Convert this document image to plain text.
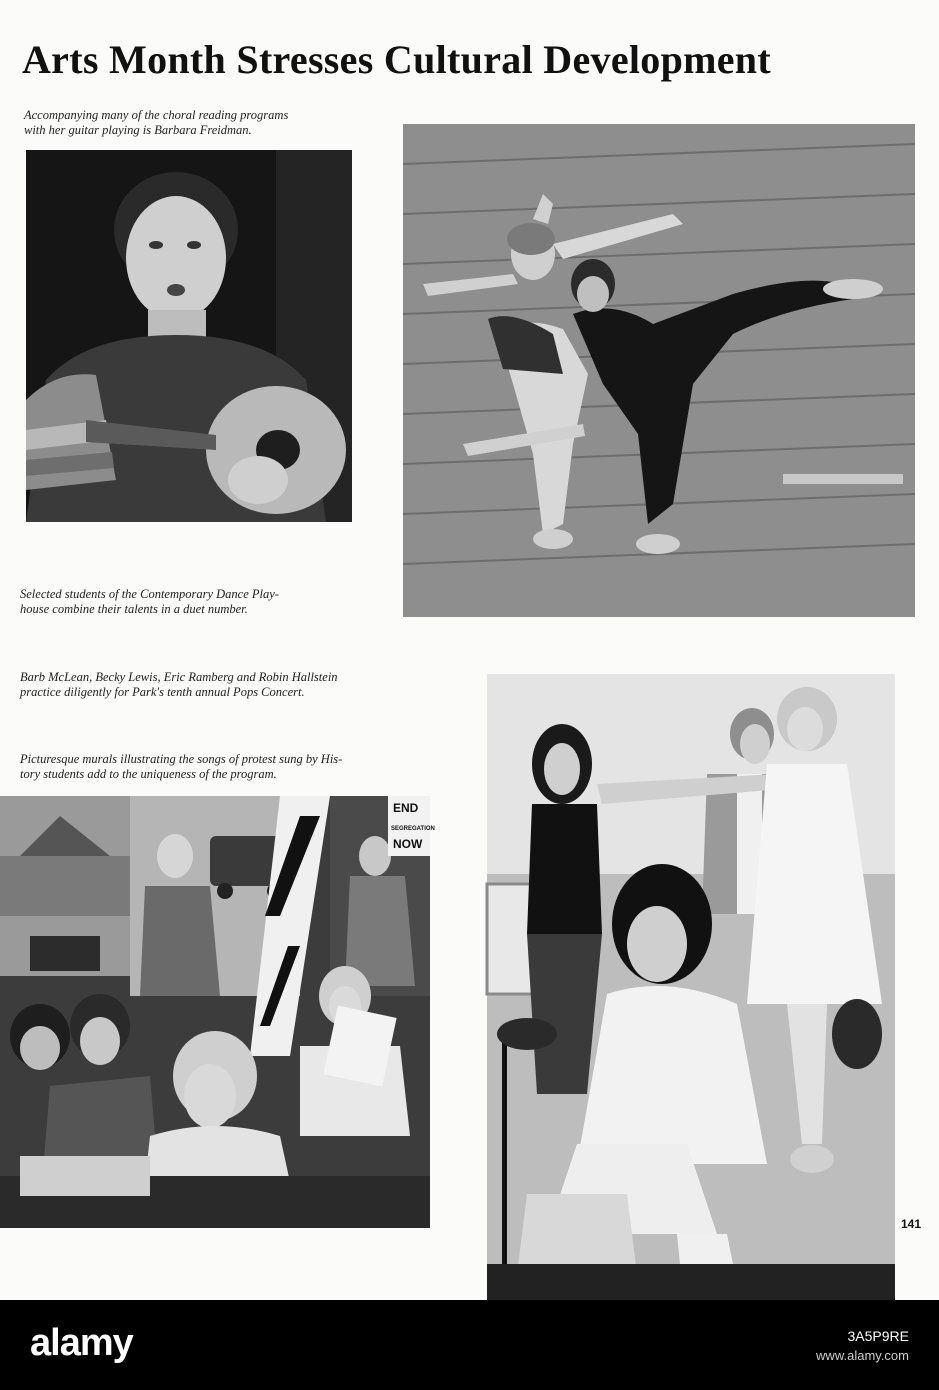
Arts Month Stresses Cultural Development
Accompanying many of the choral reading programs
with her guitar playing is Barbara Freidman.
Selected students of the Contemporary Dance Play-
house combine their talents in a duet number.
Barb McLean, Becky Lewis, Eric Ramberg and Robin Hallstein
practice diligently for Park's tenth annual Pops Concert.
Picturesque murals illustrating the songs of protest sung by His-
tory students add to the uniqueness of the program.
END
SEGREGATION
NOW
141
alamy	3A5P9RE
www.alamy.com
